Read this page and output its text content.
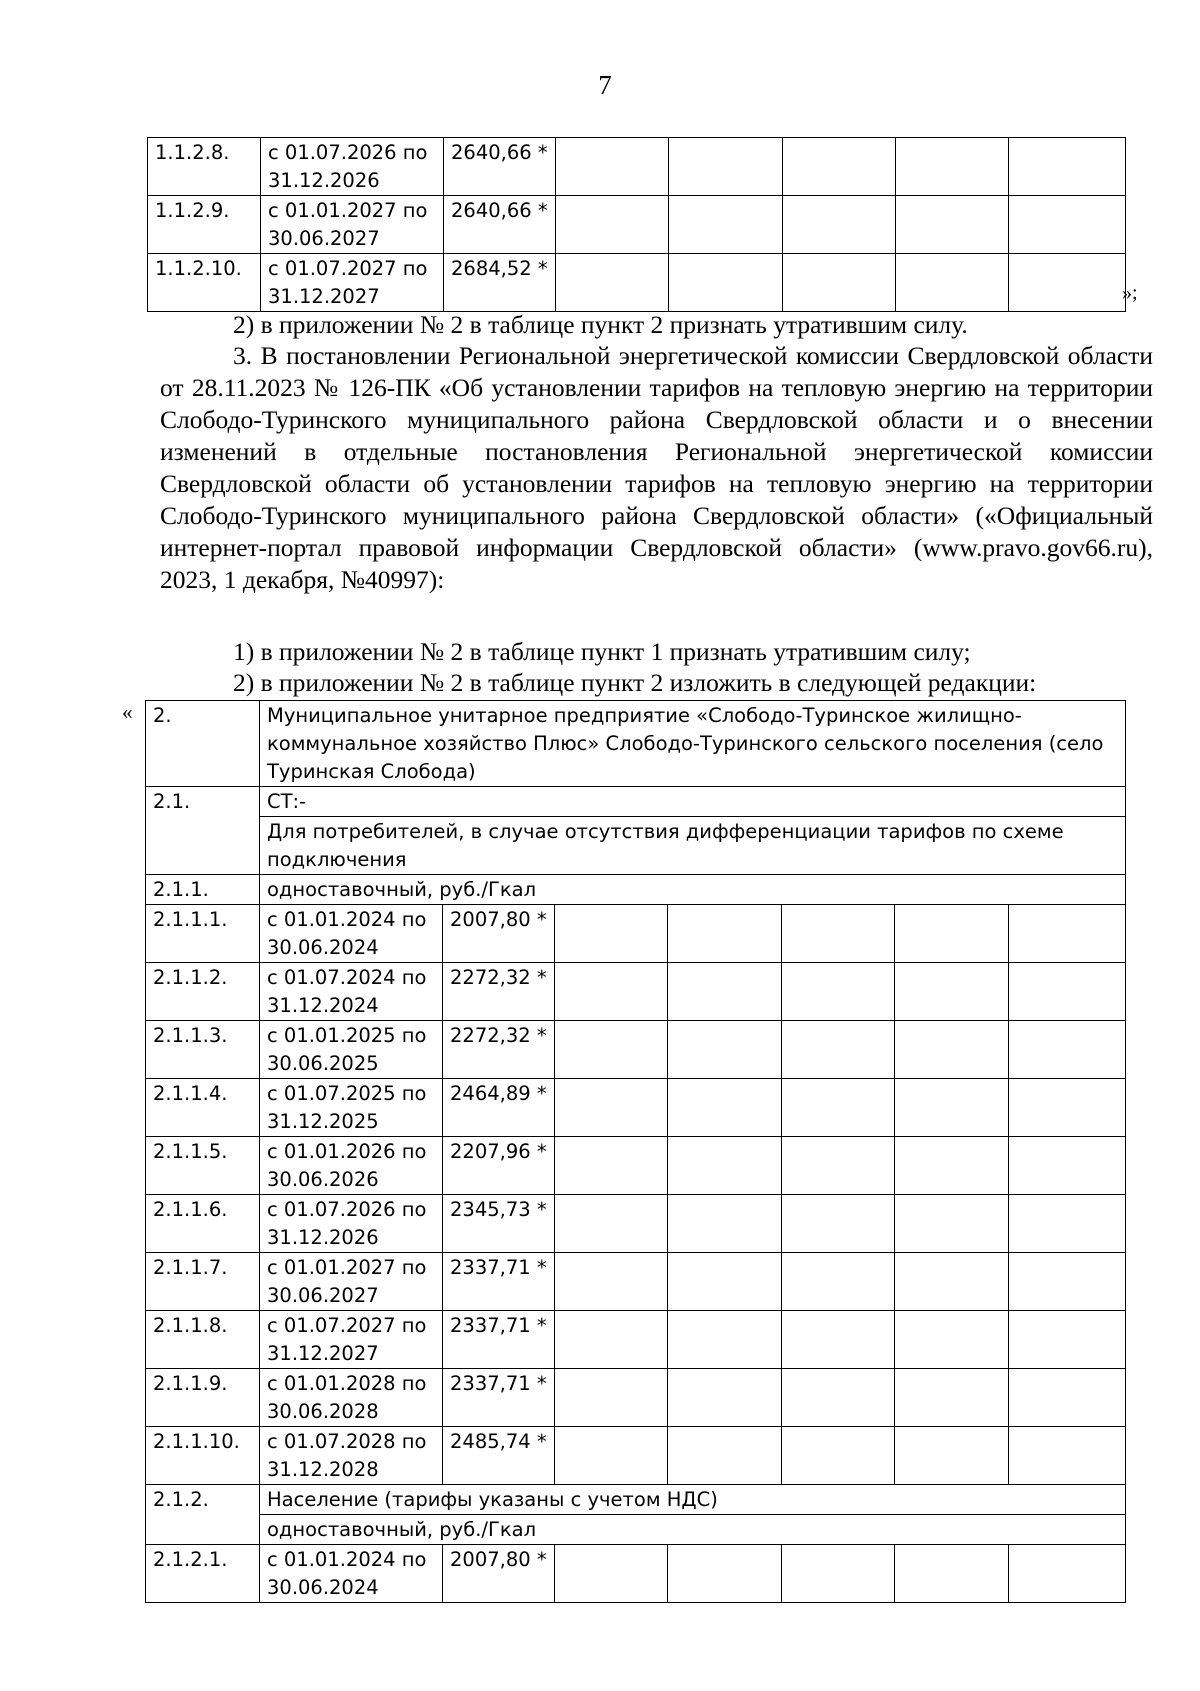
7
1.1.2.8.	с 01.07.2026 по 31.12.2026	2640,66 *					
1.1.2.9.	с 01.01.2027 по 30.06.2027	2640,66 *					
1.1.2.10.	с 01.07.2027 по 31.12.2027	2684,52 *					
»;
2) в приложении № 2 в таблице пункт 2 признать утратившим силу.
3. В постановлении Региональной энергетической комиссии Свердловской области от 28.11.2023 № 126-ПК «Об установлении тарифов на тепловую энергию на территории Слободо-Туринского муниципального района Свердловской области и о внесении изменений в отдельные постановления Региональной энергетической комиссии Свердловской области об установлении тарифов на тепловую энергию на территории Слободо-Туринского муниципального района Свердловской области» («Официальный интернет-портал правовой информации Свердловской области» (www.pravo.gov66.ru), 2023, 1 декабря, №40997):
1) в приложении № 2 в таблице пункт 1 признать утратившим силу;
2) в приложении № 2 в таблице пункт 2 изложить в следующей редакции:
« 2.	Муниципальное унитарное предприятие «Слободо-Туринское жилищно-коммунальное хозяйство Плюс» Слободо-Туринского сельского поселения (село Туринская Слобода)						
2.1.	СТ:-						
	Для потребителей, в случае отсутствия дифференциации тарифов по схеме подключения						
2.1.1.	одноставочный, руб./Гкал						
2.1.1.1.	с 01.01.2024 по 30.06.2024	2007,80 *					
2.1.1.2.	с 01.07.2024 по 31.12.2024	2272,32 *					
2.1.1.3.	с 01.01.2025 по 30.06.2025	2272,32 *					
2.1.1.4.	с 01.07.2025 по 31.12.2025	2464,89 *					
2.1.1.5.	с 01.01.2026 по 30.06.2026	2207,96 *					
2.1.1.6.	с 01.07.2026 по 31.12.2026	2345,73 *					
2.1.1.7.	с 01.01.2027 по 30.06.2027	2337,71 *					
2.1.1.8.	с 01.07.2027 по 31.12.2027	2337,71 *					
2.1.1.9.	с 01.01.2028 по 30.06.2028	2337,71 *					
2.1.1.10.	с 01.07.2028 по 31.12.2028	2485,74 *					
2.1.2.	Население (тарифы указаны с учетом НДС)						
	одноставочный, руб./Гкал						
2.1.2.1.	с 01.01.2024 по 30.06.2024	2007,80 *					
